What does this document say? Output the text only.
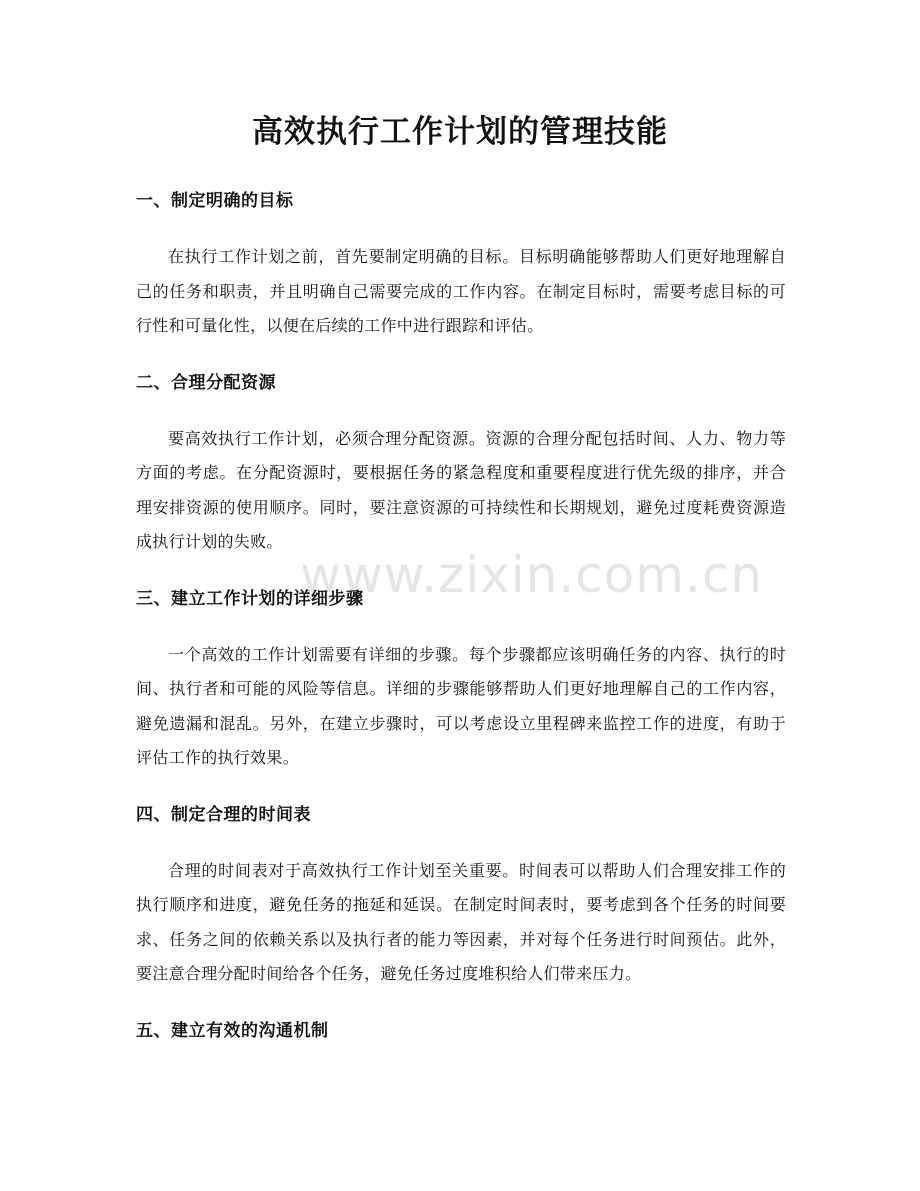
高效执行工作计划的管理技能
一、制定明确的目标

在执行工作计划之前，首先要制定明确的目标。目标明确能够帮助人们更好地理解自己的任务和职责，并且明确自己需要完成的工作内容。在制定目标时，需要考虑目标的可行性和可量化性，以便在后续的工作中进行跟踪和评估。

二、合理分配资源

要高效执行工作计划，必须合理分配资源。资源的合理分配包括时间、人力、物力等方面的考虑。在分配资源时，要根据任务的紧急程度和重要程度进行优先级的排序，并合理安排资源的使用顺序。同时，要注意资源的可持续性和长期规划，避免过度耗费资源造成执行计划的失败。

三、建立工作计划的详细步骤

一个高效的工作计划需要有详细的步骤。每个步骤都应该明确任务的内容、执行的时间、执行者和可能的风险等信息。详细的步骤能够帮助人们更好地理解自己的工作内容，避免遗漏和混乱。另外，在建立步骤时，可以考虑设立里程碑来监控工作的进度，有助于评估工作的执行效果。

四、制定合理的时间表

合理的时间表对于高效执行工作计划至关重要。时间表可以帮助人们合理安排工作的执行顺序和进度，避免任务的拖延和延误。在制定时间表时，要考虑到各个任务的时间要求、任务之间的依赖关系以及执行者的能力等因素，并对每个任务进行时间预估。此外，要注意合理分配时间给各个任务，避免任务过度堆积给人们带来压力。

五、建立有效的沟通机制
www.zixin.com.cn
